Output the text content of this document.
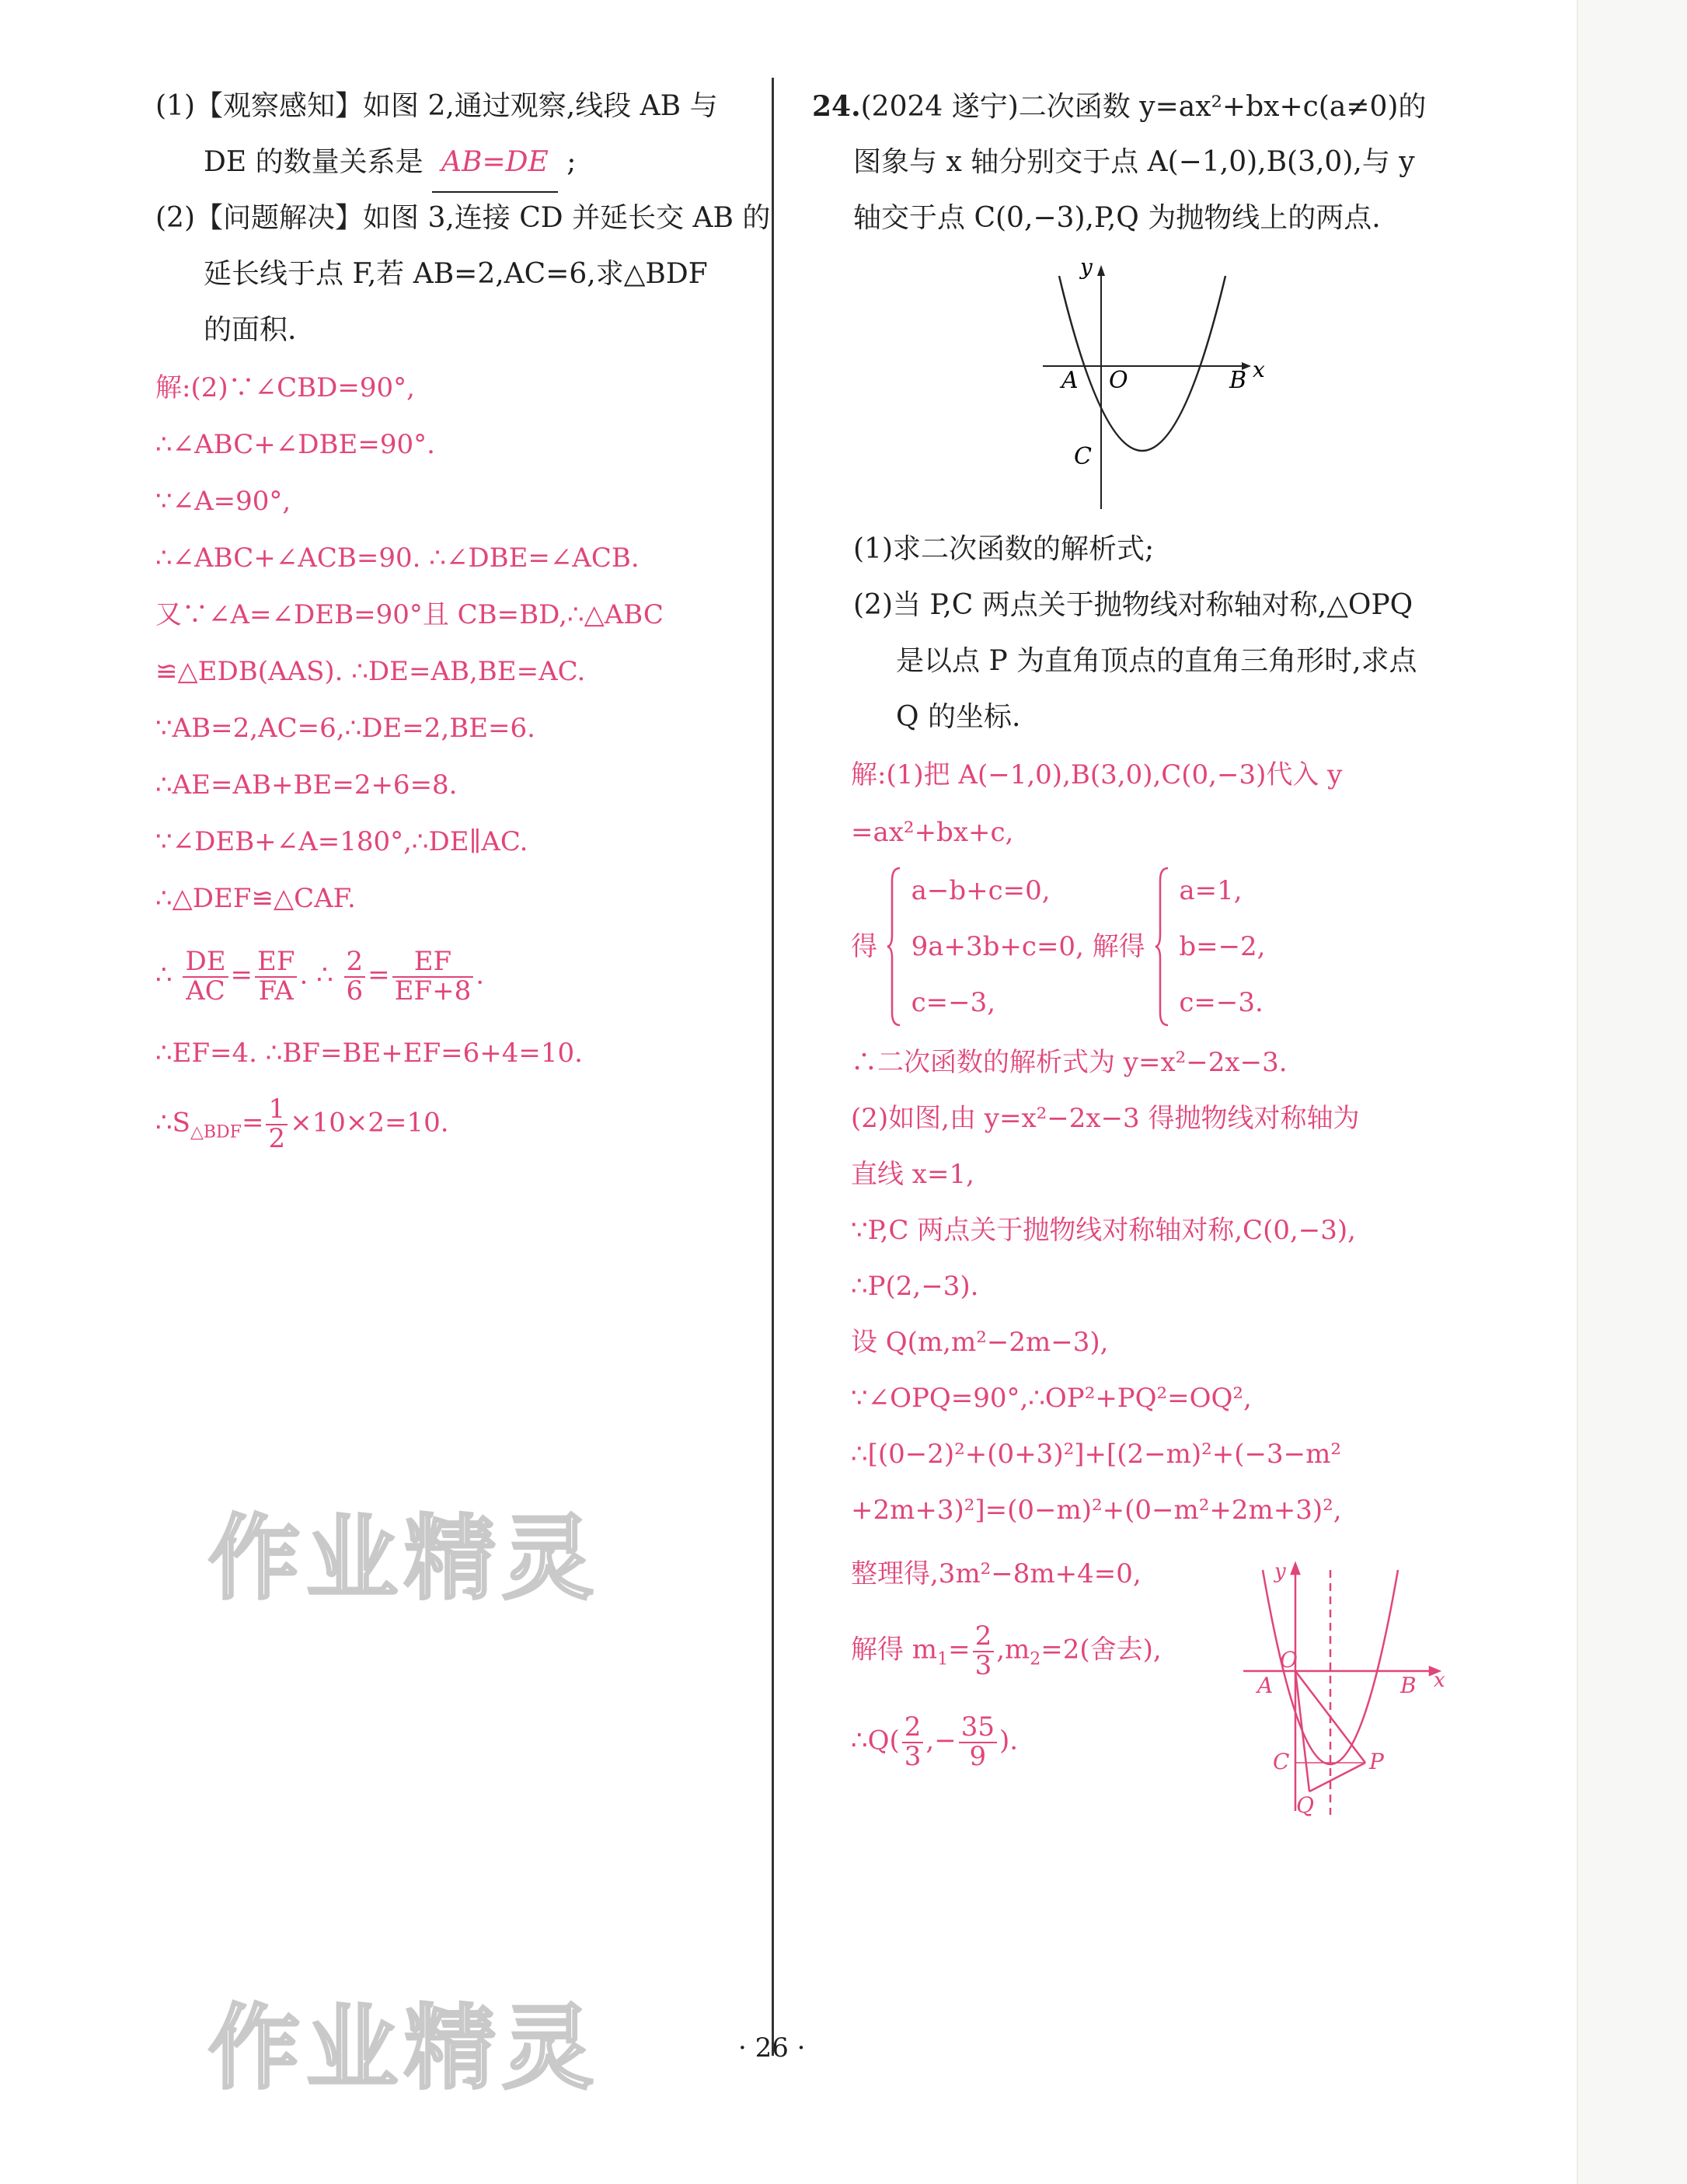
(1)【观察感知】如图 2,通过观察,线段 AB 与
DE 的数量关系是 AB=DE ;
(2)【问题解决】如图 3,连接 CD 并延长交 AB 的
延长线于点 F,若 AB=2,AC=6,求△BDF
的面积.
解:(2)∵∠CBD=90°,
∴∠ABC+∠DBE=90°.
∵∠A=90°,
∴∠ABC+∠ACB=90. ∴∠DBE=∠ACB.
又∵∠A=∠DEB=90°且 CB=BD,∴△ABC
≌△EDB(AAS). ∴DE=AB,BE=AC.
∵AB=2,AC=6,∴DE=2,BE=6.
∴AE=AB+BE=2+6=8.
∵∠DEB+∠A=180°,∴DE∥AC.
∴△DEF≌△CAF.
∴ $\frac{DE}{AC} = \frac{EF}{FA}$ . ∴ $\frac{2}{6} = \frac{EF}{EF+8}$ .
∴EF=4. ∴BF=BE+EF=6+4=10.
$\therefore S_{\triangle BDF}= \frac{1}{2} \times 10\times 2=10$.
24.(2024 遂宁)二次函数 y=ax²+bx+c(a≠0)的
图象与 x 轴分别交于点 A(−1,0),B(3,0),与 y
轴交于点 C(0,−3),P,Q 为抛物线上的两点.
y
x
A O	B
C
(1)求二次函数的解析式;
(2)当 P,C 两点关于抛物线对称轴对称,△OPQ
是以点 P 为直角顶点的直角三角形时,求点
Q 的坐标.
解:(1)把 A(−1,0),B(3,0),C(0,−3)代入 y
=ax²+bx+c,
得
a−b+c=0,
9a+3b+c=0,
c=−3,
解得
a=1,
b=−2,
c=−3.
∴二次函数的解析式为 y=x²−2x−3.
(2)如图,由 y=x²−2x−3 得抛物线对称轴为
直线 x=1,
∵P,C 两点关于抛物线对称轴对称,C(0,−3),
∴P(2,−3).
设 Q(m,m²−2m−3),
∵∠OPQ=90°,∴OP²+PQ²=OQ²,
∴[(0−2)²+(0+3)²]+[(2−m)²+(−3−m²
+2m+3)²]=(0−m)²+(0−m²+2m+3)²,
整理得,3m²−8m+4=0,
解得 $m_1= \frac{2}{3} ,m_2=2$(舍去),
∴Q( $\frac{2}{3}$ ,− $\frac{35}{9}$ ).
y
x
A
O
B
C	P
Q
作业精灵
作业精灵	· 26 ·
